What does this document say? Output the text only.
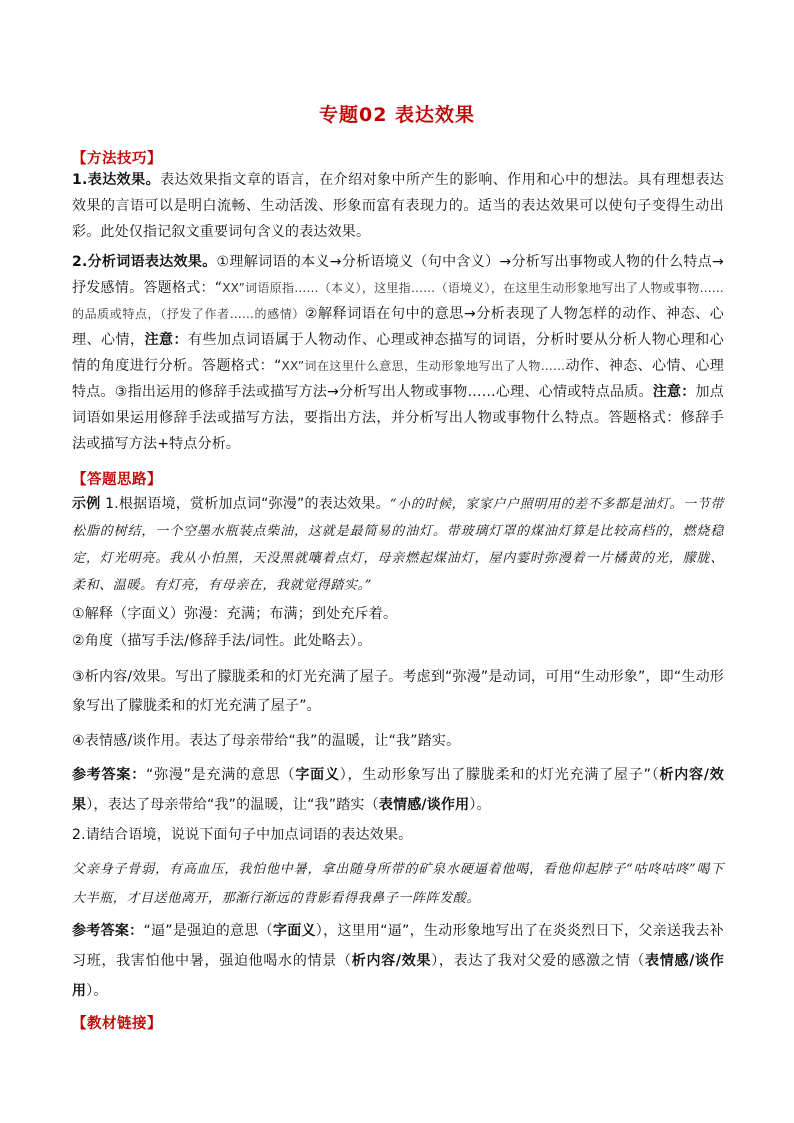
专题02 表达效果
【方法技巧】
1.表达效果。表达效果指文章的语言，在介绍对象中所产生的影响、作用和心中的想法。具有理想表达效果的言语可以是明白流畅、生动活泼、形象而富有表现力的。适当的表达效果可以使句子变得生动出彩。此处仅指记叙文重要词句含义的表达效果。
2.分析词语表达效果。①理解词语的本义→分析语境义（句中含义）→分析写出事物或人物的什么特点→抒发感情。答题格式：“XX”词语原指……（本义），这里指……（语境义），在这里生动形象地写出了人物或事物……的品质或特点，（抒发了作者……的感情）②解释词语在句中的意思→分析表现了人物怎样的动作、神态、心理、心情，注意：有些加点词语属于人物动作、心理或神态描写的词语，分析时要从分析人物心理和心情的角度进行分析。答题格式：“XX”词在这里什么意思，生动形象地写出了人物……动作、神态、心情、心理特点。③指出运用的修辞手法或描写方法→分析写出人物或事物……心理、心情或特点品质。注意：加点词语如果运用修辞手法或描写方法，要指出方法，并分析写出人物或事物什么特点。答题格式：修辞手法或描写方法+特点分析。
【答题思路】
示例 1.根据语境，赏析加点词“弥漫”的表达效果。“小的时候，家家户户照明用的差不多都是油灯。一节带松脂的树结，一个空墨水瓶装点柴油，这就是最简易的油灯。带玻璃灯罩的煤油灯算是比较高档的，燃烧稳定，灯光明亮。我从小怕黑，天没黑就嚷着点灯，母亲燃起煤油灯，屋内霎时弥漫着一片橘黄的光，朦胧、柔和、温暖。有灯亮，有母亲在，我就觉得踏实。”
①解释（字面义）弥漫：充满；布满；到处充斥着。
②角度（描写手法/修辞手法/词性。此处略去）。
③析内容/效果。写出了朦胧柔和的灯光充满了屋子。考虑到“弥漫”是动词，可用“生动形象”，即“生动形象写出了朦胧柔和的灯光充满了屋子”。
④表情感/谈作用。表达了母亲带给“我”的温暖，让“我”踏实。
参考答案：“弥漫”是充满的意思（字面义），生动形象写出了朦胧柔和的灯光充满了屋子”（析内容/效果），表达了母亲带给“我”的温暖，让“我”踏实（表情感/谈作用）。
2.请结合语境，说说下面句子中加点词语的表达效果。
父亲身子骨弱，有高血压，我怕他中暑，拿出随身所带的矿泉水硬逼着他喝，看他仰起脖子“咕咚咕咚”喝下大半瓶，才目送他离开，那渐行渐远的背影看得我鼻子一阵阵发酸。
参考答案：“逼”是强迫的意思（字面义），这里用“逼”，生动形象地写出了在炎炎烈日下，父亲送我去补习班，我害怕他中暑，强迫他喝水的情景（析内容/效果），表达了我对父爱的感激之情（表情感/谈作用）。
【教材链接】
